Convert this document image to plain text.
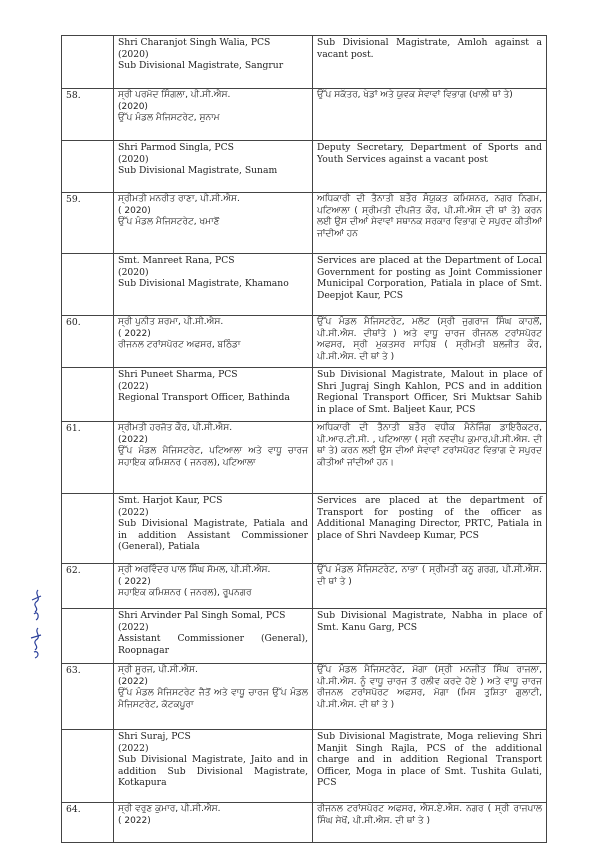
	Shri Charanjot Singh Walia, PCS
(2020)
Sub Divisional Magistrate, Sangrur	Sub Divisional Magistrate, Amloh against a vacant post.
58.	ਸ੍ਰੀ ਪਰਮੋਦ ਸਿੰਗਲਾ, ਪੀ.ਸੀ.ਐਸ.
(2020)
ਉੱਪ ਮੰਡਲ ਮੈਜਿਸਟਰੇਟ, ਸੁਨਾਮ	ਉੱਪ ਸਕੱਤਰ, ਖੇਡਾਂ ਅਤੇ ਯੁਵਕ ਸੇਵਾਵਾਂ ਵਿਭਾਗ (ਖਾਲੀ ਥਾਂ ਤੇ)

	Shri Parmod Singla, PCS
(2020)
Sub Divisional Magistrate, Sunam	Deputy Secretary, Department of Sports and Youth Services against a vacant post
59.	ਸ੍ਰੀਮਤੀ ਮਨਰੀਤ ਰਾਣਾ, ਪੀ.ਸੀ.ਐਸ.
( 2020)
ਉੱਪ ਮੰਡਲ ਮੈਜਿਸਟਰੇਟ, ਖਮਾਣੋਂ	ਅਧਿਕਾਰੀ ਦੀ ਤੈਨਾਤੀ ਬਤੌਰ ਸੰਯੁਕਤ ਕਮਿਸ਼ਨਰ, ਨਗਰ ਨਿਗਮ, ਪਟਿਆਲਾ ( ਸ੍ਰੀਮਤੀ ਦੀਪਜੋਤ ਕੌਰ, ਪੀ.ਸੀ.ਐਸ ਦੀ ਥਾਂ ਤੇ) ਕਰਨ ਲਈ ਉਸ ਦੀਆਂ ਸੇਵਾਵਾਂ ਸਥਾਨਕ ਸਰਕਾਰ ਵਿਭਾਗ ਦੇ ਸਪੁਰਦ ਕੀਤੀਆਂ ਜਾਂਦੀਆਂ ਹਨ

	Smt. Manreet Rana, PCS
(2020)
Sub Divisional Magistrate, Khamano	Services are placed at the Department of Local Government for posting as Joint Commissioner Municipal Corporation, Patiala in place of Smt. Deepjot Kaur, PCS
60.	ਸ੍ਰੀ ਪੁਨੀਤ ਸ਼ਰਮਾ, ਪੀ.ਸੀ.ਐਸ.
( 2022)
ਰੀਜਨਲ ਟਰਾਂਸਪੋਰਟ ਅਫਸਰ, ਬਠਿੰਡਾ	ਉੱਪ ਮੰਡਲ ਮੈਜਿਸਟਰੇਟ, ਮਲੋਟ (ਸ੍ਰੀ ਜੁਗਰਾਜ ਸਿੰਘ ਕਾਹਲੋਂ, ਪੀ.ਸੀ.ਐਸ. ਦੀਥਾਂਤੇ ) ਅਤੇ ਵਾਧੂ ਚਾਰਜ ਰੀਜਨਲ ਟਰਾਂਸਪੋਰਟ ਅਫਸਰ, ਸ੍ਰੀ ਮੁਕਤਸਰ ਸਾਹਿਬ ( ਸ੍ਰੀਮਤੀ ਬਲਜੀਤ ਕੌਰ, ਪੀ.ਸੀ.ਐਸ. ਦੀ ਥਾਂ ਤੇ )

	Shri Puneet Sharma, PCS
(2022)
Regional Transport Officer, Bathinda	Sub Divisional Magistrate, Malout in place of Shri Jugraj Singh Kahlon, PCS and in addition Regional Transport Officer, Sri Muktsar Sahib in place of Smt. Baljeet Kaur, PCS
61.	ਸ੍ਰੀਮਤੀ ਹਰਜੋਤ ਕੌਰ, ਪੀ.ਸੀ.ਐਸ.
(2022)
ਉੱਪ ਮੰਡਲ ਮੈਜਿਸਟਰੇਟ, ਪਟਿਆਲਾ ਅਤੇ ਵਾਧੂ ਚਾਰਜ ਸਹਾਇਕ ਕਮਿਸ਼ਨਰ ( ਜਨਰਲ), ਪਟਿਆਲਾ	ਅਧਿਕਾਰੀ ਦੀ ਤੈਨਾਤੀ ਬਤੌਰ ਵਧੀਕ ਮੈਨੇਜਿੰਗ ਡਾਇਰੈਕਟਰ, ਪੀ.ਆਰ.ਟੀ.ਸੀ. , ਪਟਿਆਲਾ ( ਸ੍ਰੀ ਨਵਦੀਪ ਕੁਮਾਰ,ਪੀ.ਸੀ.ਐਸ. ਦੀ ਥਾਂ ਤੇ) ਕਰਨ ਲਈ ਉਸ ਦੀਆਂ ਸੇਵਾਵਾਂ ਟਰਾਂਸਪੋਰਟ ਵਿਭਾਗ ਦੇ ਸਪੁਰਦ ਕੀਤੀਆਂ ਜਾਂਦੀਆਂ ਹਨ।

	Smt. Harjot Kaur, PCS
(2022)
Sub Divisional Magistrate, Patiala and in addition Assistant Commissioner (General), Patiala	Services are placed at the department of Transport for posting of the officer as Additional Managing Director, PRTC, Patiala in place of Shri Navdeep Kumar, PCS
62.	ਸ੍ਰੀ ਅਰਵਿੰਦਰ ਪਾਲ ਸਿੰਘ ਸੋਮਲ, ਪੀ.ਸੀ.ਐਸ.
( 2022)
ਸਹਾਇਕ ਕਮਿਸ਼ਨਰ ( ਜਨਰਲ), ਰੂਪਨਗਰ	ਉੱਪ ਮੰਡਲ ਮੈਜਿਸਟਰੇਟ, ਨਾਭਾ ( ਸ੍ਰੀਮਤੀ ਕਨੂ ਗਰਗ, ਪੀ.ਸੀ.ਐਸ. ਦੀ ਥਾਂ ਤੇ )

	Shri Arvinder Pal Singh Somal, PCS
(2022)
Assistant Commissioner (General), Roopnagar	Sub Divisional Magistrate, Nabha in place of Smt. Kanu Garg, PCS
63.	ਸ੍ਰੀ ਸੂਰਜ, ਪੀ.ਸੀ.ਐਸ.
(2022)
ਉੱਪ ਮੰਡਲ ਮੈਜਿਸਟਰੇਟ ਜੈਤੋਂ ਅਤੇ ਵਾਧੂ ਚਾਰਜ ਉੱਪ ਮੰਡਲ ਮੈਜਿਸਟਰੇਟ, ਕੋਟਕਪੂਰਾ	ਉੱਪ ਮੰਡਲ ਮੈਜਿਸਟਰੇਟ, ਮੋਗਾ (ਸ੍ਰੀ ਮਨਜੀਤ ਸਿੰਘ ਰਾਜਲਾ, ਪੀ.ਸੀ.ਐਸ. ਨੂੰ ਵਾਧੂ ਚਾਰਜ ਤੋਂ ਰਲੀਵ ਕਰਦੇ ਹੋਏ ) ਅਤੇ ਵਾਧੂ ਚਾਰਜ ਰੀਜਨਲ ਟਰਾਂਸਪੋਰਟ ਅਫਸਰ, ਮੋਗਾ (ਮਿਸ ਤੁਸ਼ਿਤਾ ਗੁਲਾਟੀ, ਪੀ.ਸੀ.ਐਸ. ਦੀ ਥਾਂ ਤੇ )

	Shri Suraj, PCS
(2022)
Sub Divisional Magistrate, Jaito and in addition Sub Divisional Magistrate, Kotkapura	Sub Divisional Magistrate, Moga relieving Shri Manjit Singh Rajla, PCS of the additional charge and in addition Regional Transport Officer, Moga in place of Smt. Tushita Gulati, PCS
64.	ਸ੍ਰੀ ਵਰੁਣ ਕੁਮਾਰ, ਪੀ.ਸੀ.ਐਸ.
( 2022)	ਰੀਜਨਲ ਟਰਾਂਸਪੋਰਟ ਅਫਸਰ, ਐਸ.ਏ.ਐਸ. ਨਗਰ ( ਸ੍ਰੀ ਰਾਜਪਾਲ ਸਿੰਘ ਸੇਖੋਂ, ਪੀ.ਸੀ.ਐਸ. ਦੀ ਥਾਂ ਤੇ )
